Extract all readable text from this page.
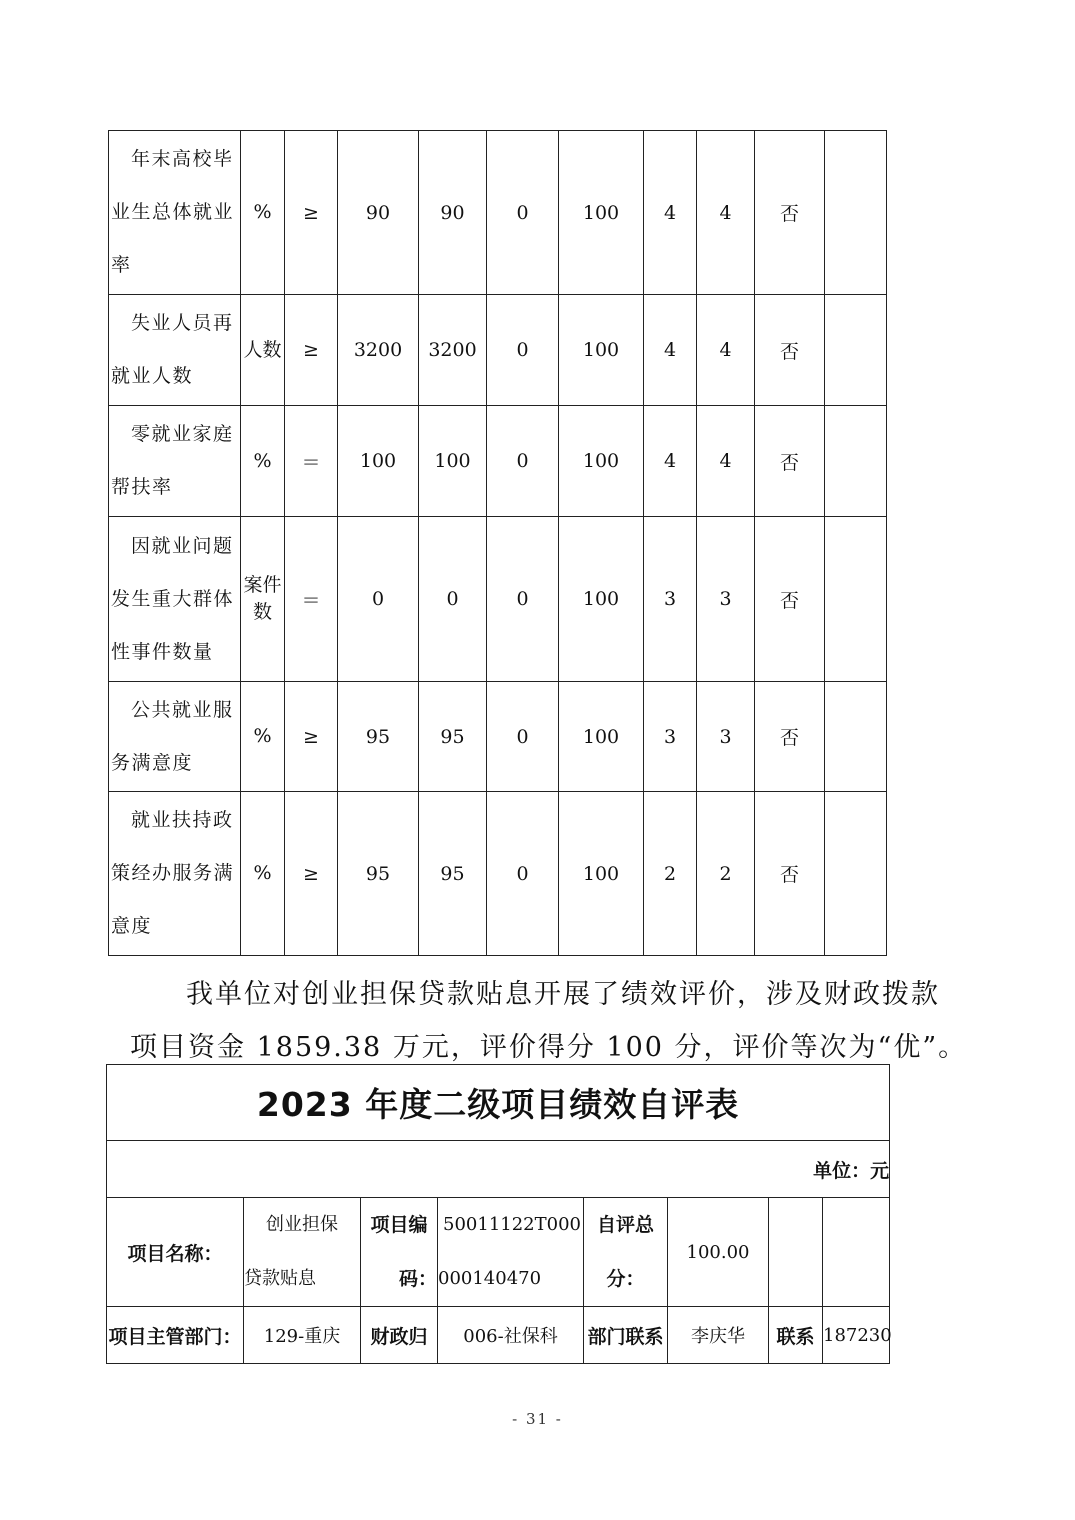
年末高校毕
业生总体就业率	%	≥	90	90	0	100	4	4	否	

失业人员再
就业人数	人数	≥	3200	3200	0	100	4	4	否	

零就业家庭
帮扶率	%	＝	100	100	0	100	4	4	否	

因就业问题
发生重大群体性事件数量	案件
数	＝	0	0	0	100	3	3	否	

公共就业服
务满意度	%	≥	95	95	0	100	3	3	否	

就业扶持政
策经办服务满意度	%	≥	95	95	0	100	2	2	否	
我单位对创业担保贷款贴息开展了绩效评价，涉及财政拨款
项目资金 1859.38 万元，评价得分 100 分，评价等次为“优”。
2023 年度二级项目绩效自评表							
单位：元							
项目名称：	创业担保
贷款贴息	项目编
码：	50011122T000
000140470	自评总
分：	100.00		
项目主管部门：	129-重庆	财政归	006-社保科	部门联系	李庆华	联系	187230
- 31 -
